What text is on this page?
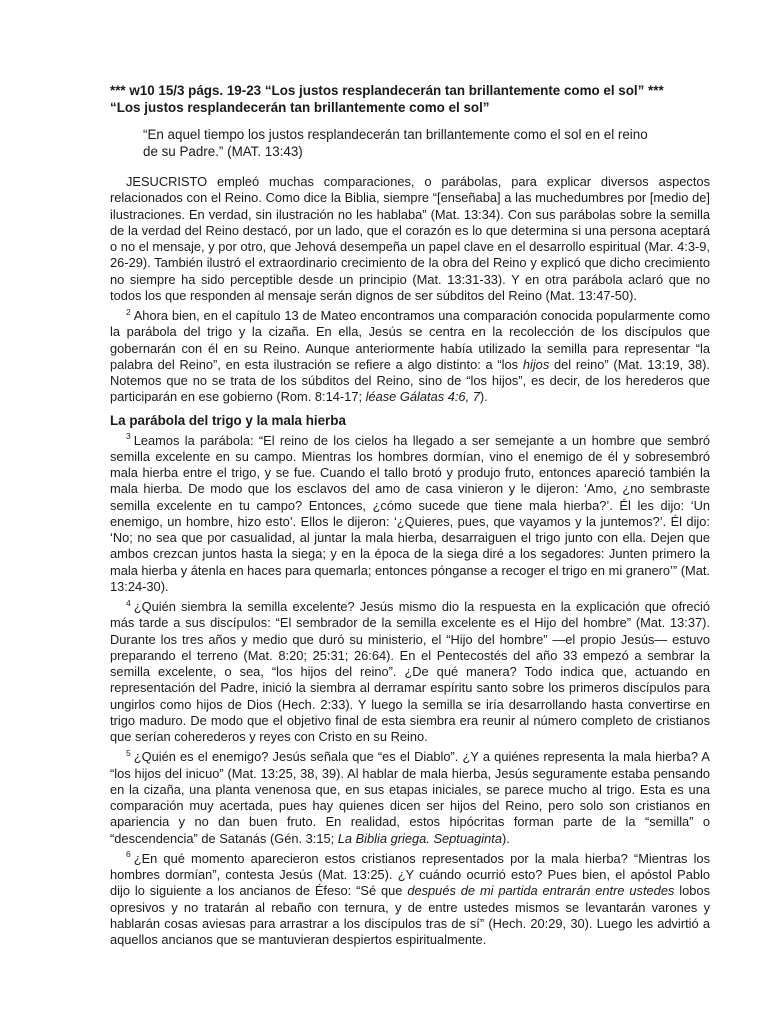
*** w10 15/3 págs. 19-23 “Los justos resplandecerán tan brillantemente como el sol” ***

“Los justos resplandecerán tan brillantemente como el sol”

“En aquel tiempo los justos resplandecerán tan brillantemente como el sol en el reino de su Padre.” (MAT. 13:43)

JESUCRISTO empleó muchas comparaciones, o parábolas, para explicar diversos aspectos relacionados con el Reino. Como dice la Biblia, siempre “[enseñaba] a las muchedumbres por [medio de] ilustraciones. En verdad, sin ilustración no les hablaba” (Mat. 13:34). Con sus parábolas sobre la semilla de la verdad del Reino destacó, por un lado, que el corazón es lo que determina si una persona aceptará o no el mensaje, y por otro, que Jehová desempeña un papel clave en el desarrollo espiritual (Mar. 4:3-9, 26-29). También ilustró el extraordinario crecimiento de la obra del Reino y explicó que dicho crecimiento no siempre ha sido perceptible desde un principio (Mat. 13:31-33). Y en otra parábola aclaró que no todos los que responden al mensaje serán dignos de ser súbditos del Reino (Mat. 13:47-50).

$^2$ Ahora bien, en el capítulo 13 de Mateo encontramos una comparación conocida popularmente como la parábola del trigo y la cizaña. En ella, Jesús se centra en la recolección de los discípulos que gobernarán con él en su Reino. Aunque anteriormente había utilizado la semilla para representar “la palabra del Reino”, en esta ilustración se refiere a algo distinto: a “los hijos del reino” (Mat. 13:19, 38). Notemos que no se trata de los súbditos del Reino, sino de “los hijos”, es decir, de los herederos que participarán en ese gobierno (Rom. 8:14-17; léase Gálatas 4:6, 7).

La parábola del trigo y la mala hierba

$^3$ Leamos la parábola: “El reino de los cielos ha llegado a ser semejante a un hombre que sembró semilla excelente en su campo. Mientras los hombres dormían, vino el enemigo de él y sobresembró mala hierba entre el trigo, y se fue. Cuando el tallo brotó y produjo fruto, entonces apareció también la mala hierba. De modo que los esclavos del amo de casa vinieron y le dijeron: ‘Amo, ¿no sembraste semilla excelente en tu campo? Entonces, ¿cómo sucede que tiene mala hierba?’. Él les dijo: ‘Un enemigo, un hombre, hizo esto’. Ellos le dijeron: ‘¿Quieres, pues, que vayamos y la juntemos?’. Él dijo: ‘No; no sea que por casualidad, al juntar la mala hierba, desarraiguen el trigo junto con ella. Dejen que ambos crezcan juntos hasta la siega; y en la época de la siega diré a los segadores: Junten primero la mala hierba y átenla en haces para quemarla; entonces pónganse a recoger el trigo en mi granero’” (Mat. 13:24-30).

$^4$ ¿Quién siembra la semilla excelente? Jesús mismo dio la respuesta en la explicación que ofreció más tarde a sus discípulos: “El sembrador de la semilla excelente es el Hijo del hombre” (Mat. 13:37). Durante los tres años y medio que duró su ministerio, el “Hijo del hombre” —el propio Jesús— estuvo preparando el terreno (Mat. 8:20; 25:31; 26:64). En el Pentecostés del año 33 empezó a sembrar la semilla excelente, o sea, “los hijos del reino”. ¿De qué manera? Todo indica que, actuando en representación del Padre, inició la siembra al derramar espíritu santo sobre los primeros discípulos para ungirlos como hijos de Dios (Hech. 2:33). Y luego la semilla se iría desarrollando hasta convertirse en trigo maduro. De modo que el objetivo final de esta siembra era reunir al número completo de cristianos que serían coherederos y reyes con Cristo en su Reino.

$^5$ ¿Quién es el enemigo? Jesús señala que “es el Diablo”. ¿Y a quiénes representa la mala hierba? A “los hijos del inicuo” (Mat. 13:25, 38, 39). Al hablar de mala hierba, Jesús seguramente estaba pensando en la cizaña, una planta venenosa que, en sus etapas iniciales, se parece mucho al trigo. Esta es una comparación muy acertada, pues hay quienes dicen ser hijos del Reino, pero solo son cristianos en apariencia y no dan buen fruto. En realidad, estos hipócritas forman parte de la “semilla” o “descendencia” de Satanás (Gén. 3:15; La Biblia griega. Septuaginta).

$^6$ ¿En qué momento aparecieron estos cristianos representados por la mala hierba? “Mientras los hombres dormían”, contesta Jesús (Mat. 13:25). ¿Y cuándo ocurrió esto? Pues bien, el apóstol Pablo dijo lo siguiente a los ancianos de Éfeso: “Sé que después de mi partida entrarán entre ustedes lobos opresivos y no tratarán al rebaño con ternura, y de entre ustedes mismos se levantarán varones y hablarán cosas aviesas para arrastrar a los discípulos tras de sí” (Hech. 20:29, 30). Luego les advirtió a aquellos ancianos que se mantuvieran despiertos espiritualmente.
